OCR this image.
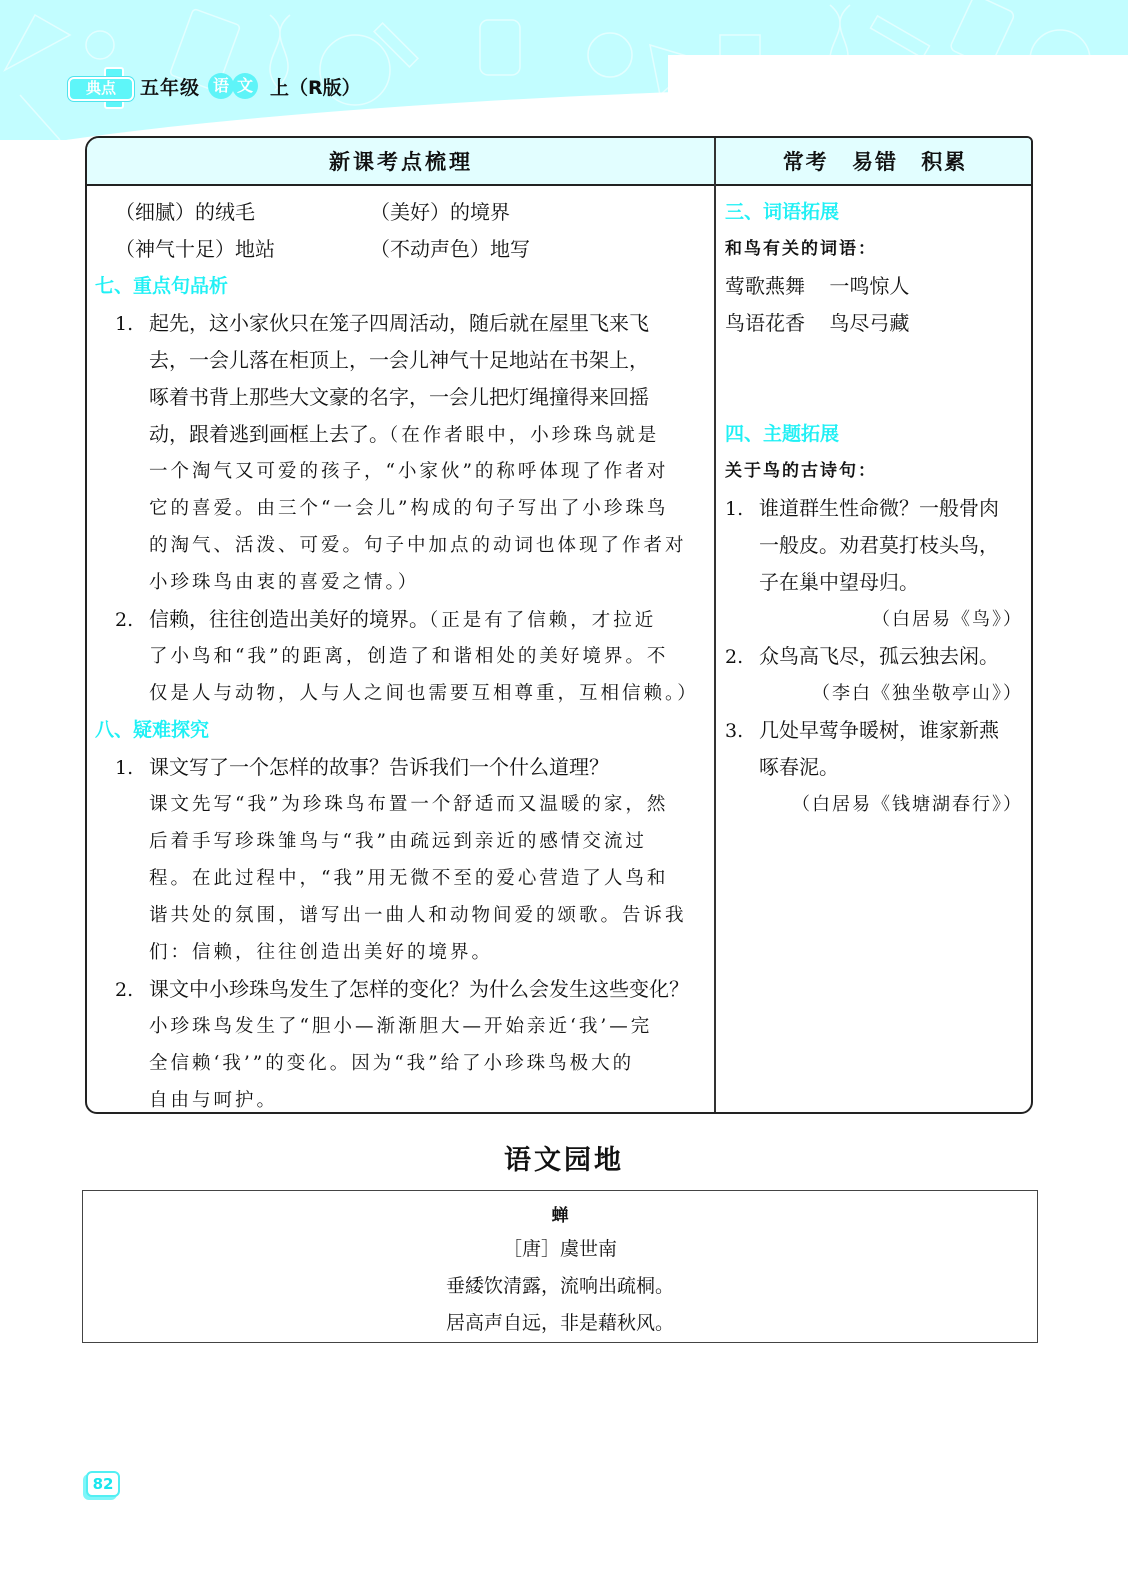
典点	五年级 语 文 上（R版）
新课考点梳理	常考 易错 积累
（细腻）的绒毛	（美好）的境界
（神气十足）地站	（不动声色）地写
七、重点句品析
1. 起先，这小家伙只在笼子四周活动，随后就在屋里飞来飞
去，一会儿落在柜顶上，一会儿神气十足地站在书架上，
啄着书背上那些大文豪的名字，一会儿把灯绳撞得来回摇
动，跟着逃到画框上去了。（在作者眼中，小珍珠鸟就是
一个淘气又可爱的孩子，“小家伙”的称呼体现了作者对
它的喜爱。由三个“一会儿”构成的句子写出了小珍珠鸟
的淘气、活泼、可爱。句子中加点的动词也体现了作者对
小珍珠鸟由衷的喜爱之情。）
2. 信赖，往往创造出美好的境界。（正是有了信赖，才拉近
了小鸟和“我”的距离，创造了和谐相处的美好境界。不
仅是人与动物，人与人之间也需要互相尊重，互相信赖。）
八、疑难探究
1. 课文写了一个怎样的故事？告诉我们一个什么道理？
课文先写“我”为珍珠鸟布置一个舒适而又温暖的家，然
后着手写珍珠雏鸟与“我”由疏远到亲近的感情交流过
程。在此过程中，“我”用无微不至的爱心营造了人鸟和
谐共处的氛围，谱写出一曲人和动物间爱的颂歌。告诉我
们：信赖，往往创造出美好的境界。
2. 课文中小珍珠鸟发生了怎样的变化？为什么会发生这些变化？
小珍珠鸟发生了“胆小—渐渐胆大—开始亲近‘我’—完
全信赖‘我’”的变化。因为“我”给了小珍珠鸟极大的
自由与呵护。
三、词语拓展
和鸟有关的词语：
莺歌燕舞 一鸣惊人
鸟语花香 鸟尽弓藏
四、主题拓展
关于鸟的古诗句：
1. 谁道群生性命微？一般骨肉
一般皮。劝君莫打枝头鸟，
子在巢中望母归。
（白居易《鸟》）
2. 众鸟高飞尽，孤云独去闲。
（李白《独坐敬亭山》）
3. 几处早莺争暖树，谁家新燕
啄春泥。
（白居易《钱塘湖春行》）
语文园地
蝉
［唐］虞世南
垂緌饮清露，流响出疏桐。
居高声自远，非是藉秋风。
82
